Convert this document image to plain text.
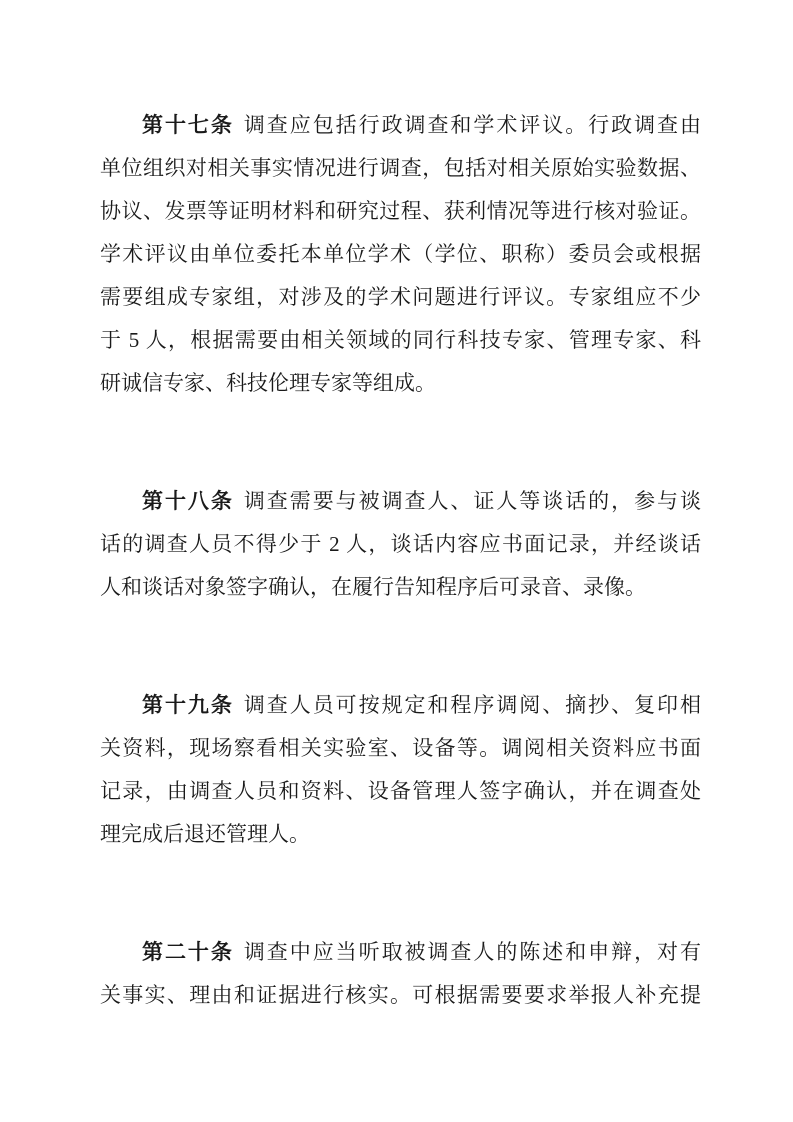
第十七条 调查应包括行政调查和学术评议。行政调查由
单位组织对相关事实情况进行调查，包括对相关原始实验数据、
协议、发票等证明材料和研究过程、获利情况等进行核对验证。
学术评议由单位委托本单位学术（学位、职称）委员会或根据
需要组成专家组，对涉及的学术问题进行评议。专家组应不少
于 5 人，根据需要由相关领域的同行科技专家、管理专家、科
研诚信专家、科技伦理专家等组成。
第十八条 调查需要与被调查人、证人等谈话的，参与谈
话的调查人员不得少于 2 人，谈话内容应书面记录，并经谈话
人和谈话对象签字确认，在履行告知程序后可录音、录像。
第十九条 调查人员可按规定和程序调阅、摘抄、复印相
关资料，现场察看相关实验室、设备等。调阅相关资料应书面
记录，由调查人员和资料、设备管理人签字确认，并在调查处
理完成后退还管理人。
第二十条 调查中应当听取被调查人的陈述和申辩，对有
关事实、理由和证据进行核实。可根据需要要求举报人补充提
